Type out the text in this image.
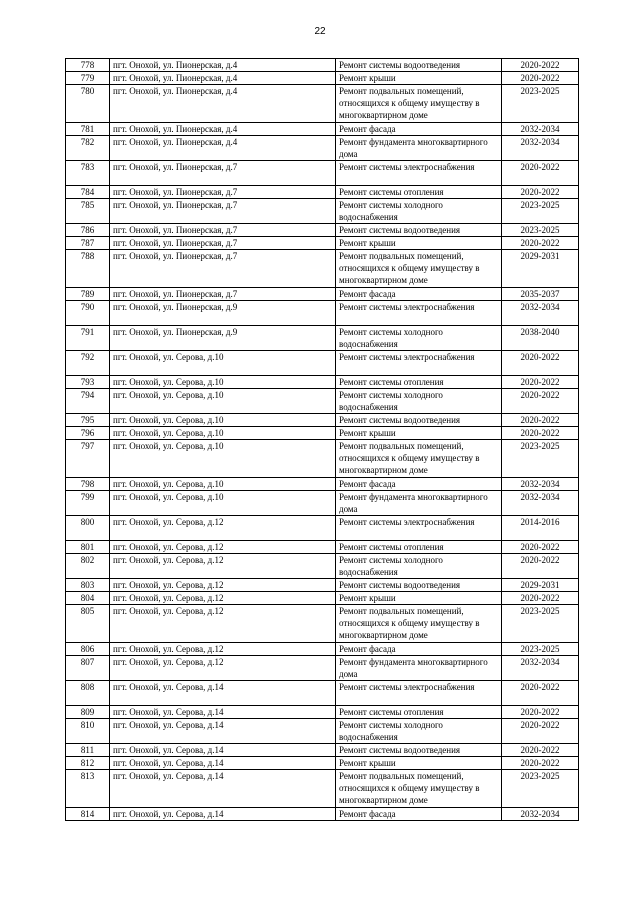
22
778	пгт. Онохой, ул. Пионерская, д.4	Ремонт системы водоотведения	2020-2022
779	пгт. Онохой, ул. Пионерская, д.4	Ремонт крыши	2020-2022
780	пгт. Онохой, ул. Пионерская, д.4	Ремонт подвальных помещений, относящихся к общему имуществу в многоквартирном доме	2023-2025
781	пгт. Онохой, ул. Пионерская, д.4	Ремонт фасада	2032-2034
782	пгт. Онохой, ул. Пионерская, д.4	Ремонт фундамента многоквартирного дома	2032-2034
783	пгт. Онохой, ул. Пионерская, д.7	Ремонт системы электроснабжения	2020-2022
784	пгт. Онохой, ул. Пионерская, д.7	Ремонт системы отопления	2020-2022
785	пгт. Онохой, ул. Пионерская, д.7	Ремонт системы холодного водоснабжения	2023-2025
786	пгт. Онохой, ул. Пионерская, д.7	Ремонт системы водоотведения	2023-2025
787	пгт. Онохой, ул. Пионерская, д.7	Ремонт крыши	2020-2022
788	пгт. Онохой, ул. Пионерская, д.7	Ремонт подвальных помещений, относящихся к общему имуществу в многоквартирном доме	2029-2031
789	пгт. Онохой, ул. Пионерская, д.7	Ремонт фасада	2035-2037
790	пгт. Онохой, ул. Пионерская, д.9	Ремонт системы электроснабжения	2032-2034
791	пгт. Онохой, ул. Пионерская, д.9	Ремонт системы холодного водоснабжения	2038-2040
792	пгт. Онохой, ул. Серова, д.10	Ремонт системы электроснабжения	2020-2022
793	пгт. Онохой, ул. Серова, д.10	Ремонт системы отопления	2020-2022
794	пгт. Онохой, ул. Серова, д.10	Ремонт системы холодного водоснабжения	2020-2022
795	пгт. Онохой, ул. Серова, д.10	Ремонт системы водоотведения	2020-2022
796	пгт. Онохой, ул. Серова, д.10	Ремонт крыши	2020-2022
797	пгт. Онохой, ул. Серова, д.10	Ремонт подвальных помещений, относящихся к общему имуществу в многоквартирном доме	2023-2025
798	пгт. Онохой, ул. Серова, д.10	Ремонт фасада	2032-2034
799	пгт. Онохой, ул. Серова, д.10	Ремонт фундамента многоквартирного дома	2032-2034
800	пгт. Онохой, ул. Серова, д.12	Ремонт системы электроснабжения	2014-2016
801	пгт. Онохой, ул. Серова, д.12	Ремонт системы отопления	2020-2022
802	пгт. Онохой, ул. Серова, д.12	Ремонт системы холодного водоснабжения	2020-2022
803	пгт. Онохой, ул. Серова, д.12	Ремонт системы водоотведения	2029-2031
804	пгт. Онохой, ул. Серова, д.12	Ремонт крыши	2020-2022
805	пгт. Онохой, ул. Серова, д.12	Ремонт подвальных помещений, относящихся к общему имуществу в многоквартирном доме	2023-2025
806	пгт. Онохой, ул. Серова, д.12	Ремонт фасада	2023-2025
807	пгт. Онохой, ул. Серова, д.12	Ремонт фундамента многоквартирного дома	2032-2034
808	пгт. Онохой, ул. Серова, д.14	Ремонт системы электроснабжения	2020-2022
809	пгт. Онохой, ул. Серова, д.14	Ремонт системы отопления	2020-2022
810	пгт. Онохой, ул. Серова, д.14	Ремонт системы холодного водоснабжения	2020-2022
811	пгт. Онохой, ул. Серова, д.14	Ремонт системы водоотведения	2020-2022
812	пгт. Онохой, ул. Серова, д.14	Ремонт крыши	2020-2022
813	пгт. Онохой, ул. Серова, д.14	Ремонт подвальных помещений, относящихся к общему имуществу в многоквартирном доме	2023-2025
814	пгт. Онохой, ул. Серова, д.14	Ремонт фасада	2032-2034
